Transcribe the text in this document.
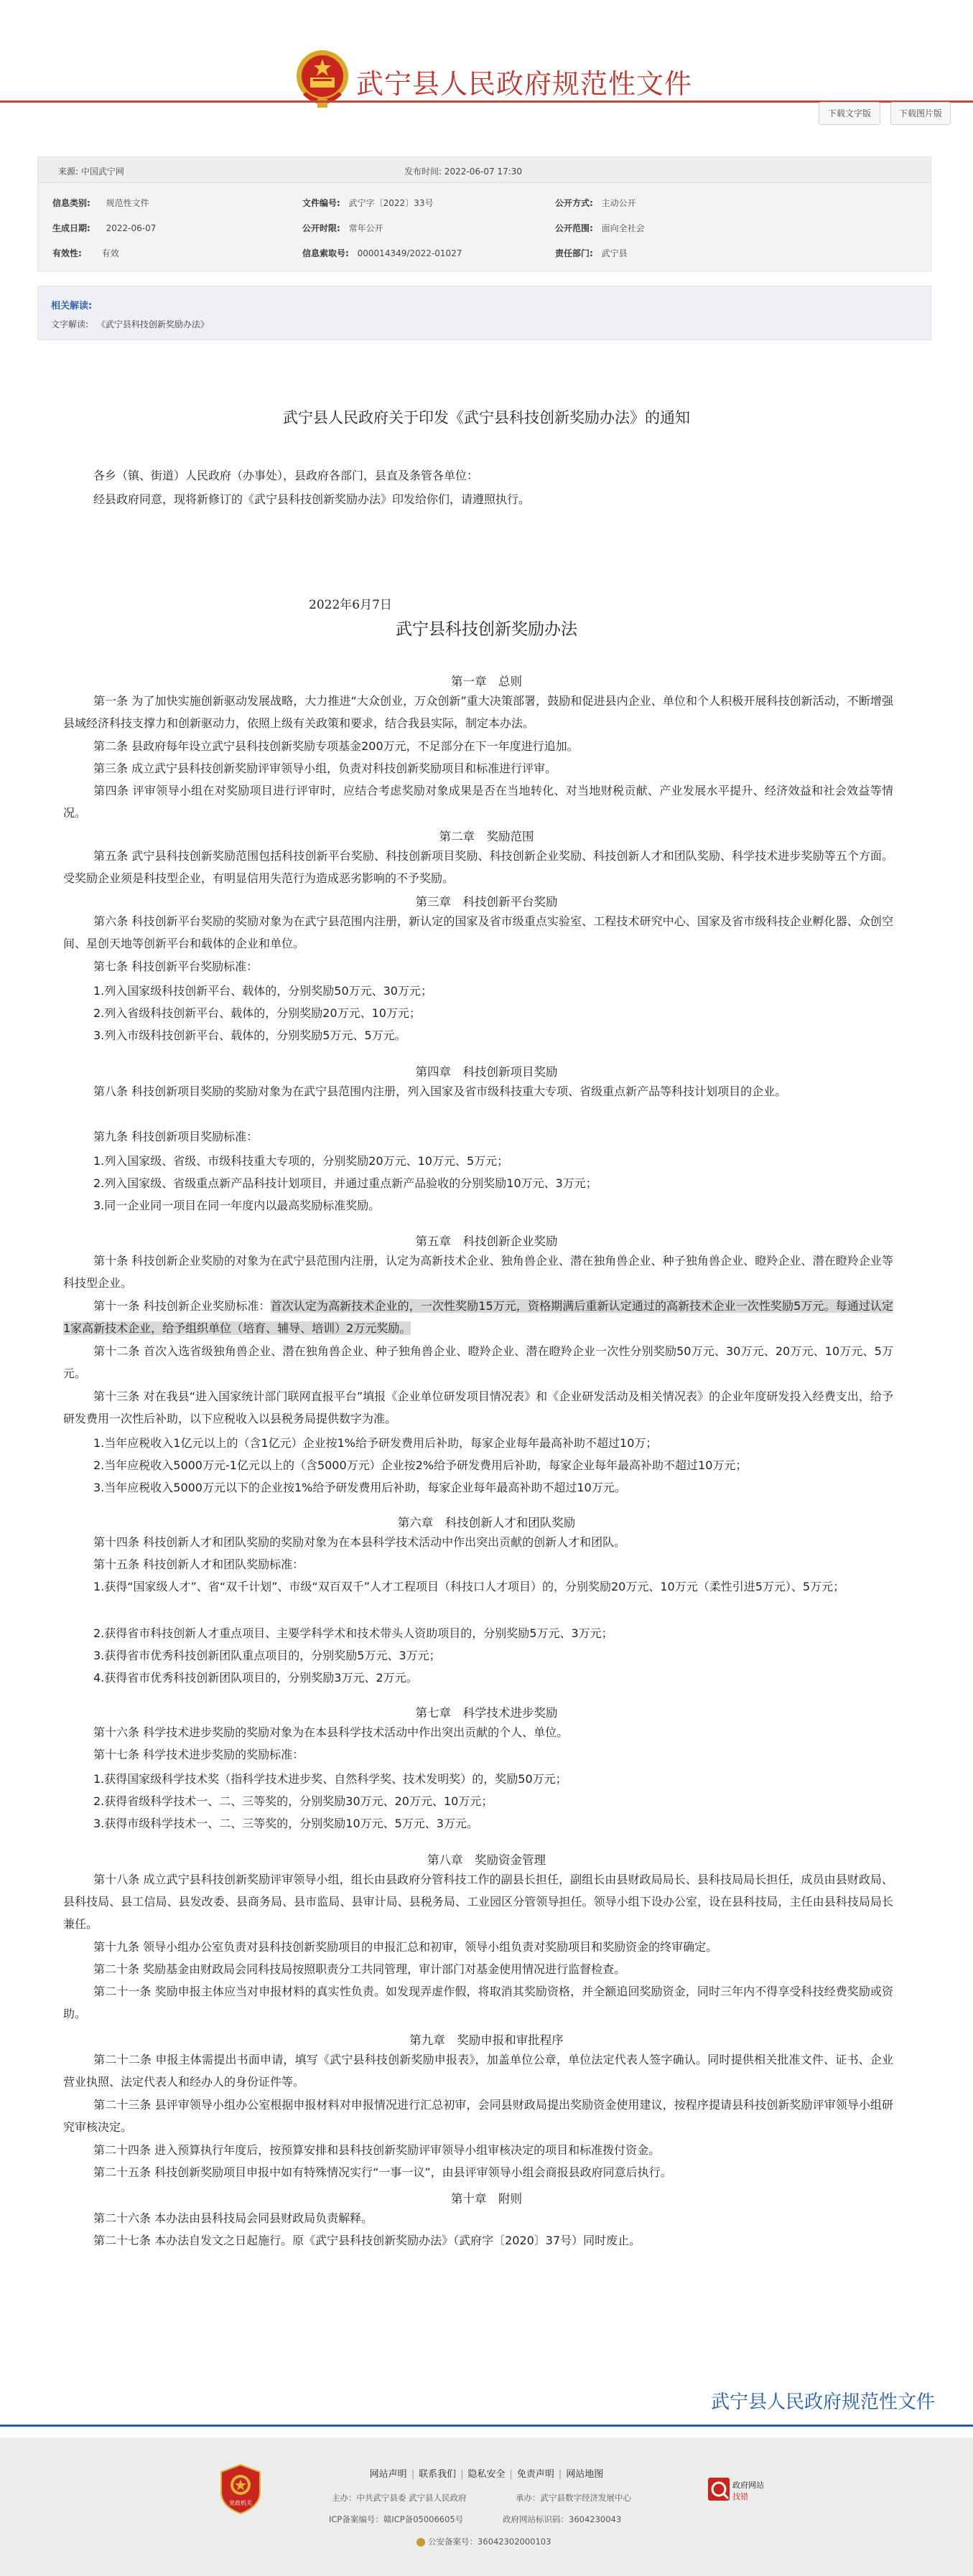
武宁县人民政府规范性文件
下载文字版	下载图片版
来源: 中国武宁网	发布时间: 2022-06-07 17:30
信息类别: 规范性文件	文件编号: 武宁字〔2022〕33号	公开方式: 主动公开
生成日期: 2022-06-07	公开时限: 常年公开	公开范围: 面向全社会
有效性: 有效	信息索取号: 000014349/2022-01027	责任部门: 武宁县
相关解读:
文字解读: 《武宁县科技创新奖励办法》
武宁县人民政府关于印发《武宁县科技创新奖励办法》的通知
各乡（镇、街道）人民政府（办事处），县政府各部门，县直及条管各单位：
经县政府同意，现将新修订的《武宁县科技创新奖励办法》印发给你们，请遵照执行。
2022年6月7日
武宁县科技创新奖励办法
第一章　总则
第一条 为了加快实施创新驱动发展战略，大力推进“大众创业，万众创新”重大决策部署，鼓励和促进县内企业、单位和个人积极开展科技创新活动，不断增强县域经济科技支撑力和创新驱动力，依照上级有关政策和要求，结合我县实际，制定本办法。
第二条 县政府每年设立武宁县科技创新奖励专项基金200万元，不足部分在下一年度进行追加。
第三条 成立武宁县科技创新奖励评审领导小组，负责对科技创新奖励项目和标准进行评审。
第四条 评审领导小组在对奖励项目进行评审时，应结合考虑奖励对象成果是否在当地转化、对当地财税贡献、产业发展水平提升、经济效益和社会效益等情况。
第二章　奖励范围
第五条 武宁县科技创新奖励范围包括科技创新平台奖励、科技创新项目奖励、科技创新企业奖励、科技创新人才和团队奖励、科学技术进步奖励等五个方面。受奖励企业须是科技型企业，有明显信用失范行为造成恶劣影响的不予奖励。
第三章　科技创新平台奖励
第六条 科技创新平台奖励的奖励对象为在武宁县范围内注册，新认定的国家及省市级重点实验室、工程技术研究中心、国家及省市级科技企业孵化器、众创空间、星创天地等创新平台和载体的企业和单位。
第七条 科技创新平台奖励标准：
1.列入国家级科技创新平台、载体的，分别奖励50万元、30万元；
2.列入省级科技创新平台、载体的，分别奖励20万元、10万元；
3.列入市级科技创新平台、载体的，分别奖励5万元、5万元。
第四章　科技创新项目奖励
第八条 科技创新项目奖励的奖励对象为在武宁县范围内注册，列入国家及省市级科技重大专项、省级重点新产品等科技计划项目的企业。
第九条 科技创新项目奖励标准：
1.列入国家级、省级、市级科技重大专项的，分别奖励20万元、10万元、5万元；
2.列入国家级、省级重点新产品科技计划项目，并通过重点新产品验收的分别奖励10万元、3万元；
3.同一企业同一项目在同一年度内以最高奖励标准奖励。
第五章　科技创新企业奖励
第十条 科技创新企业奖励的对象为在武宁县范围内注册，认定为高新技术企业、独角兽企业、潜在独角兽企业、种子独角兽企业、瞪羚企业、潜在瞪羚企业等科技型企业。
第十一条 科技创新企业奖励标准：首次认定为高新技术企业的，一次性奖励15万元，资格期满后重新认定通过的高新技术企业一次性奖励5万元。每通过认定1家高新技术企业，给予组织单位（培育、辅导、培训）2万元奖励。
第十二条 首次入选省级独角兽企业、潜在独角兽企业、种子独角兽企业、瞪羚企业、潜在瞪羚企业一次性分别奖励50万元、30万元、20万元、10万元、5万元。
第十三条 对在我县“进入国家统计部门联网直报平台”填报《企业单位研发项目情况表》和《企业研发活动及相关情况表》的企业年度研发投入经费支出，给予研发费用一次性后补助，以下应税收入以县税务局提供数字为准。
1.当年应税收入1亿元以上的（含1亿元）企业按1%给予研发费用后补助，每家企业每年最高补助不超过10万；
2.当年应税收入5000万元-1亿元以上的（含5000万元）企业按2%给予研发费用后补助，每家企业每年最高补助不超过10万元；
3.当年应税收入5000万元以下的企业按1%给予研发费用后补助，每家企业每年最高补助不超过10万元。
第六章　科技创新人才和团队奖励
第十四条 科技创新人才和团队奖励的奖励对象为在本县科学技术活动中作出突出贡献的创新人才和团队。
第十五条 科技创新人才和团队奖励标准：
1.获得“国家级人才”、省“双千计划”、市级“双百双千”人才工程项目（科技口人才项目）的，分别奖励20万元、10万元（柔性引进5万元）、5万元；
2.获得省市科技创新人才重点项目、主要学科学术和技术带头人资助项目的，分别奖励5万元、3万元；
3.获得省市优秀科技创新团队重点项目的，分别奖励5万元、3万元；
4.获得省市优秀科技创新团队项目的，分别奖励3万元、2万元。
第七章　科学技术进步奖励
第十六条 科学技术进步奖励的奖励对象为在本县科学技术活动中作出突出贡献的个人、单位。
第十七条 科学技术进步奖励的奖励标准：
1.获得国家级科学技术奖（指科学技术进步奖、自然科学奖、技术发明奖）的，奖励50万元；
2.获得省级科学技术一、二、三等奖的，分别奖励30万元、20万元、10万元；
3.获得市级科学技术一、二、三等奖的，分别奖励10万元、5万元、3万元。
第八章　奖励资金管理
第十八条 成立武宁县科技创新奖励评审领导小组，组长由县政府分管科技工作的副县长担任，副组长由县财政局局长、县科技局局长担任，成员由县财政局、县科技局、县工信局、县发改委、县商务局、县市监局、县审计局、县税务局、工业园区分管领导担任。领导小组下设办公室，设在县科技局，主任由县科技局局长兼任。
第十九条 领导小组办公室负责对县科技创新奖励项目的申报汇总和初审，领导小组负责对奖励项目和奖励资金的终审确定。
第二十条 奖励基金由财政局会同科技局按照职责分工共同管理，审计部门对基金使用情况进行监督检查。
第二十一条 奖励申报主体应当对申报材料的真实性负责。如发现弄虚作假，将取消其奖励资格，并全额追回奖励资金，同时三年内不得享受科技经费奖励或资助。
第九章　奖励申报和审批程序
第二十二条 申报主体需提出书面申请，填写《武宁县科技创新奖励申报表》，加盖单位公章，单位法定代表人签字确认。同时提供相关批准文件、证书、企业营业执照、法定代表人和经办人的身份证件等。
第二十三条 县评审领导小组办公室根据申报材料对申报情况进行汇总初审，会同县财政局提出奖励资金使用建议，按程序提请县科技创新奖励评审领导小组研究审核决定。
第二十四条 进入预算执行年度后，按预算安排和县科技创新奖励评审领导小组审核决定的项目和标准拨付资金。
第二十五条 科技创新奖励项目申报中如有特殊情况实行“一事一议”，由县评审领导小组会商报县政府同意后执行。
第十章　附则
第二十六条 本办法由县科技局会同县财政局负责解释。
第二十七条 本办法自发文之日起施行。原《武宁县科技创新奖励办法》（武府字〔2020〕37号）同时废止。
武宁县人民政府规范性文件
党政机关
网站声明 | 联系我们 | 隐私安全 | 免责声明 | 网站地图
主办：中共武宁县委 武宁县人民政府	承办：武宁县数字经济发展中心
ICP备案编号：赣ICP备05006605号	政府网站标识码：3604230043
公安备案号：36042302000103
政府网站
找错
